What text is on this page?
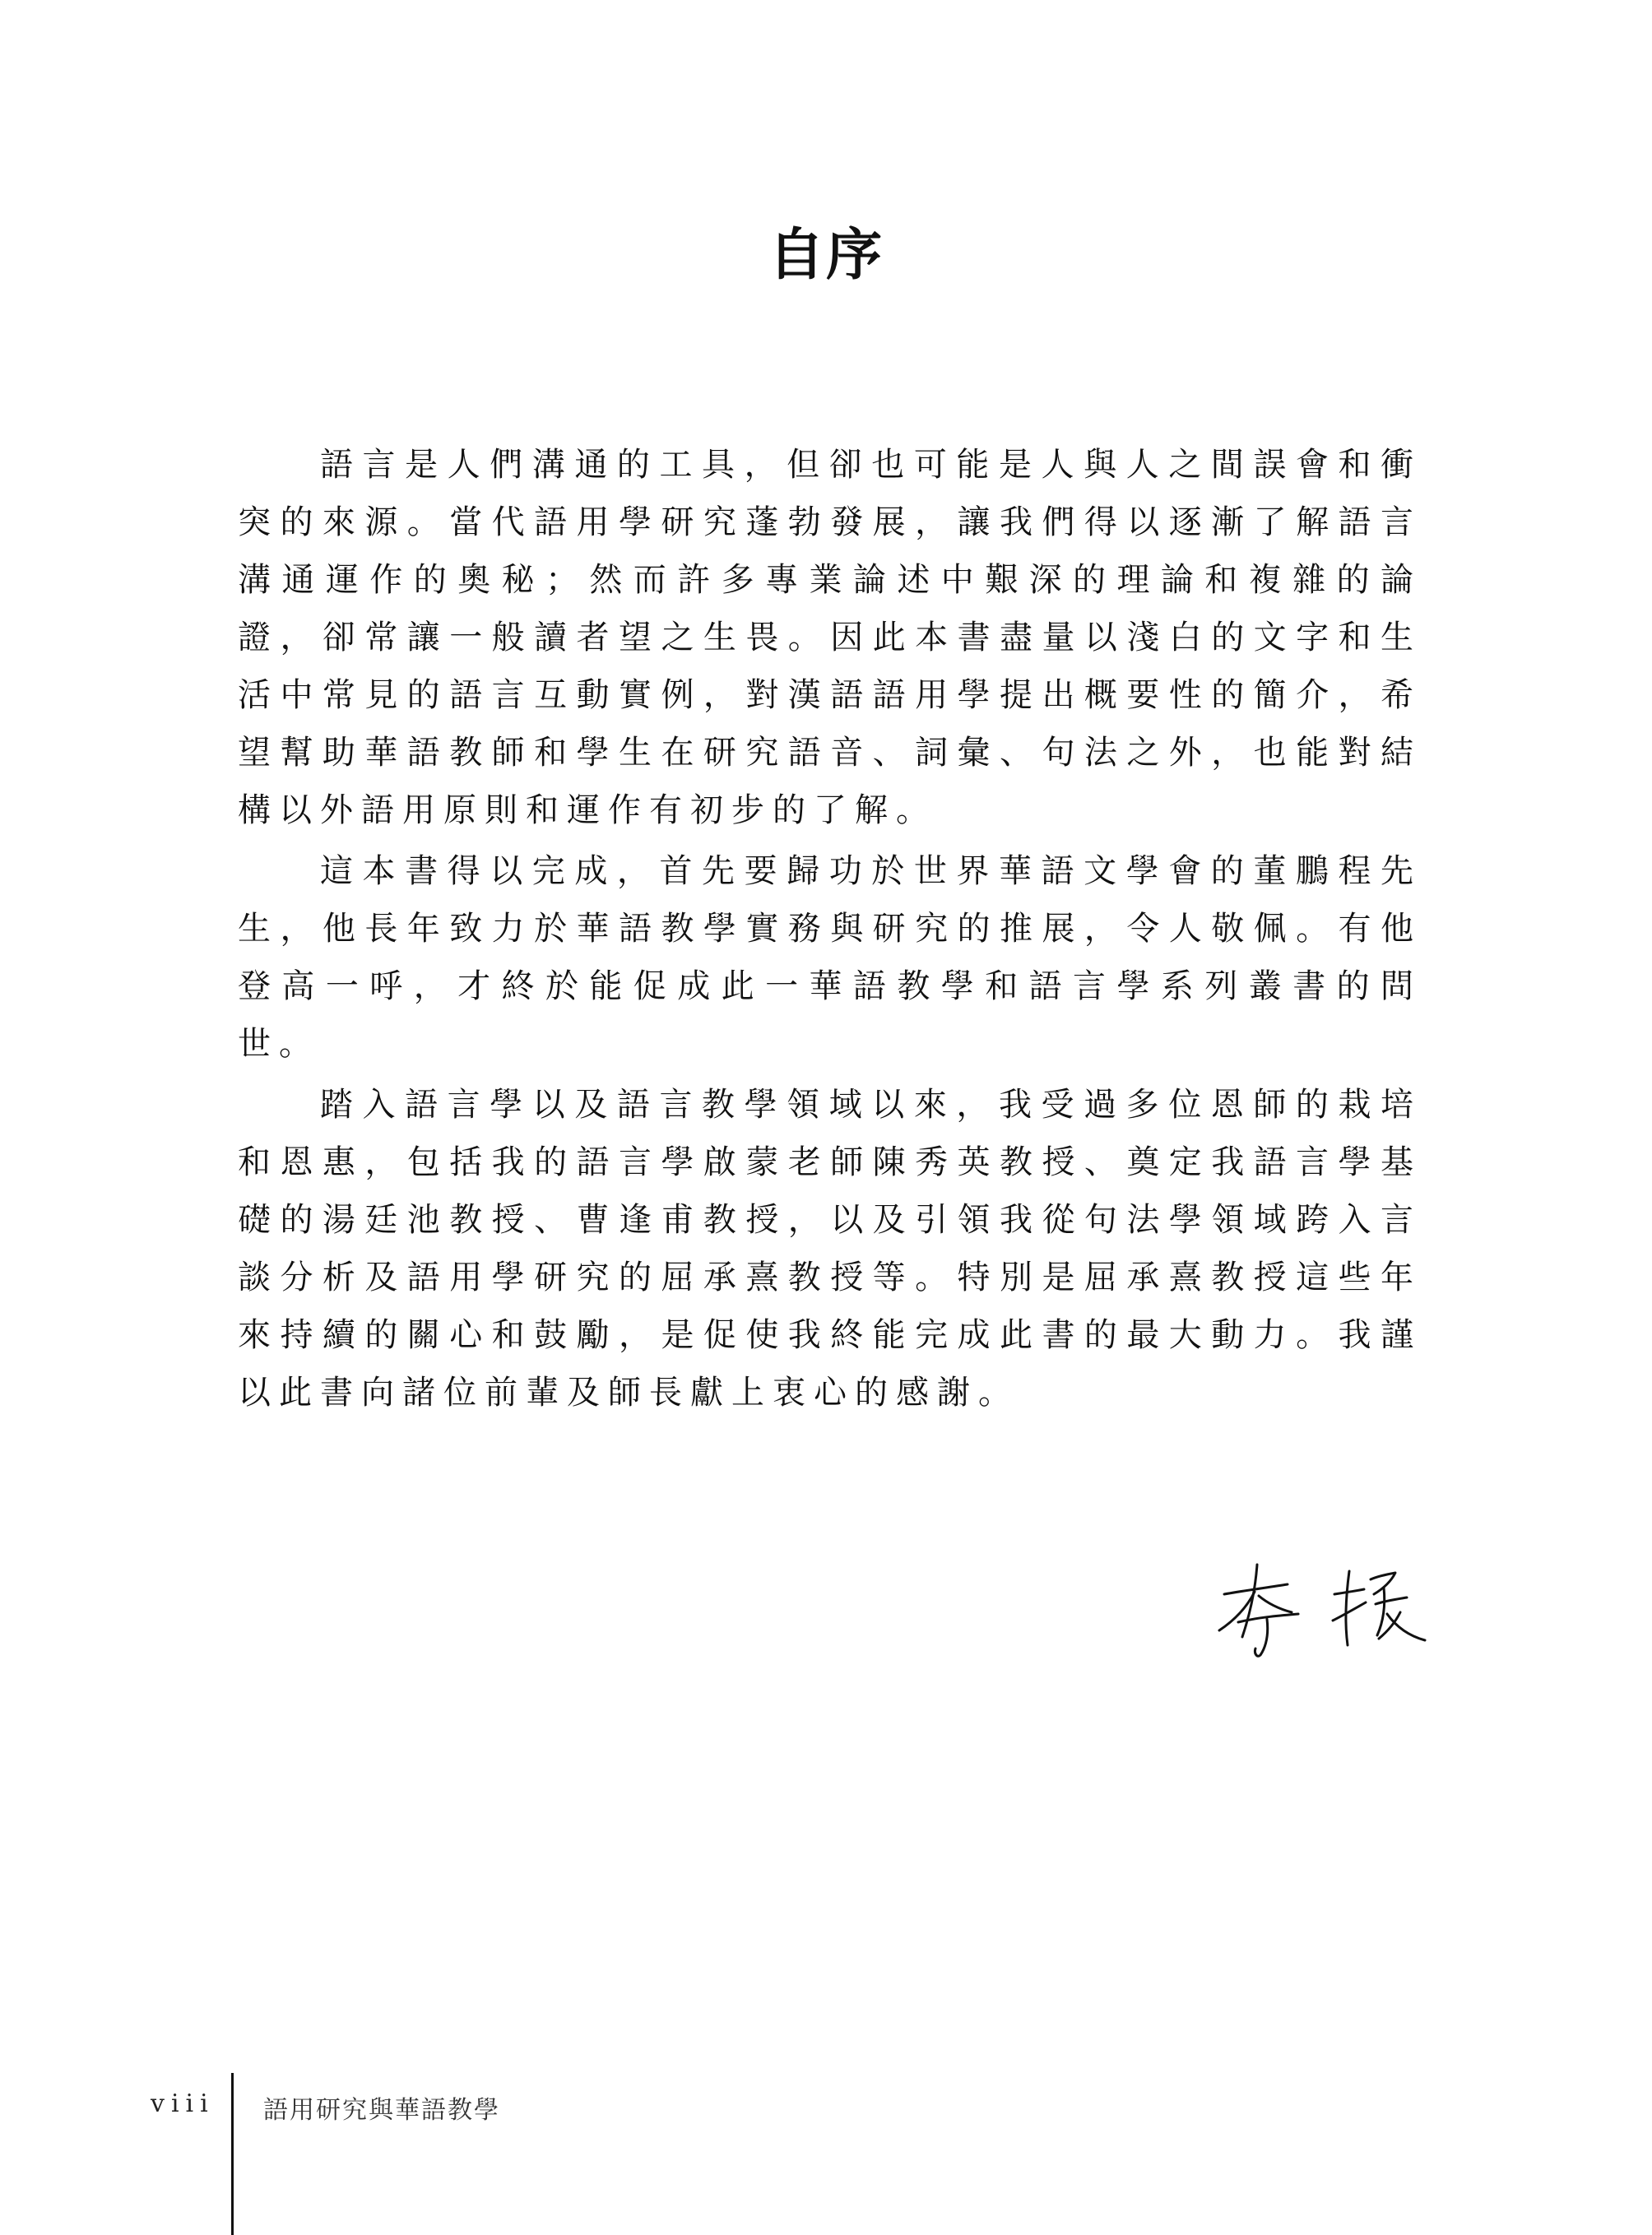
自序

語言是人們溝通的工具，但卻也可能是人與人之間誤會和衝突的來源。當代語用學研究蓬勃發展，讓我們得以逐漸了解語言溝通運作的奧秘；然而許多專業論述中艱深的理論和複雜的論證，卻常讓一般讀者望之生畏。因此本書盡量以淺白的文字和生活中常見的語言互動實例，對漢語語用學提出概要性的簡介，希望幫助華語教師和學生在研究語音、詞彙、句法之外，也能對結構以外語用原則和運作有初步的了解。

這本書得以完成，首先要歸功於世界華語文學會的董鵬程先生，他長年致力於華語教學實務與研究的推展，令人敬佩。有他登高一呼，才終於能促成此一華語教學和語言學系列叢書的問世。

踏入語言學以及語言教學領域以來，我受過多位恩師的栽培和恩惠，包括我的語言學啟蒙老師陳秀英教授、奠定我語言學基礎的湯廷池教授、曹逢甫教授，以及引領我從句法學領域跨入言談分析及語用學研究的屈承熹教授等。特別是屈承熹教授這些年來持續的關心和鼓勵，是促使我終能完成此書的最大動力。我謹以此書向諸位前輩及師長獻上衷心的感謝。

viii 語用研究與華語教學
